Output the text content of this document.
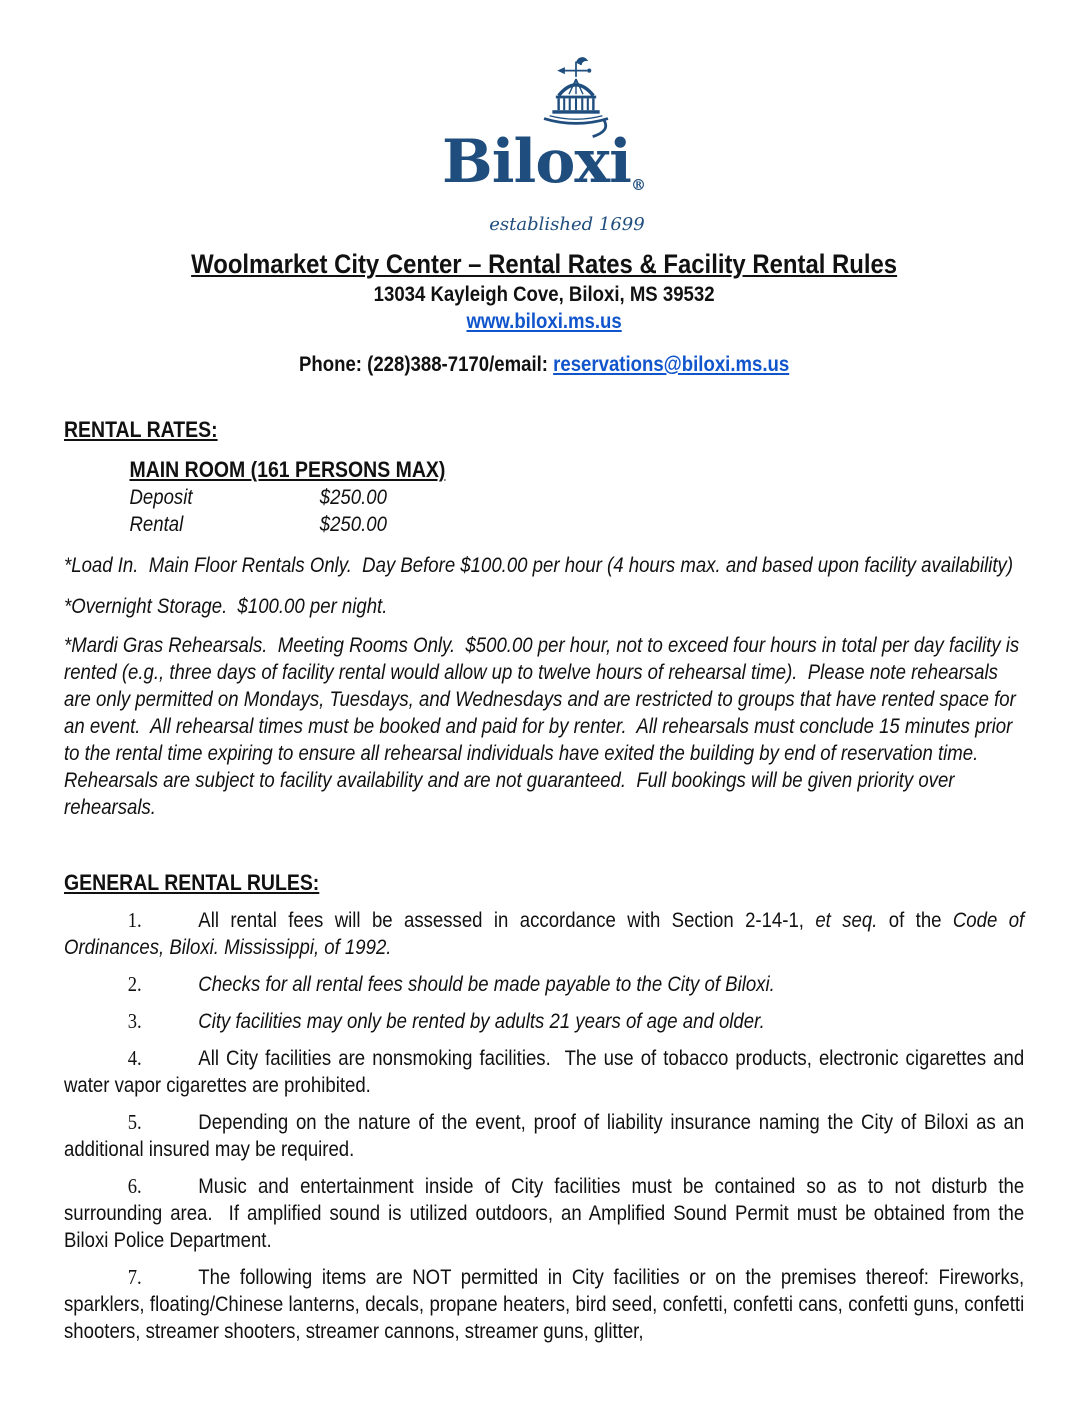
Biloxi®
established 1699
Woolmarket City Center – Rental Rates & Facility Rental Rules
13034 Kayleigh Cove, Biloxi, MS 39532
www.biloxi.ms.us
Phone: (228)388-7170/email: reservations@biloxi.ms.us
RENTAL RATES:
MAIN ROOM (161 PERSONS MAX)
Deposit	$250.00
Rental	$250.00

*Load In.  Main Floor Rentals Only.  Day Before $100.00 per hour (4 hours max. and based upon facility availability)

*Overnight Storage.  $100.00 per night.

*Mardi Gras Rehearsals.  Meeting Rooms Only.  $500.00 per hour, not to exceed four hours in total per day facility is rented (e.g., three days of facility rental would allow up to twelve hours of rehearsal time).  Please note rehearsals are only permitted on Mondays, Tuesdays, and Wednesdays and are restricted to groups that have rented space for an event.  All rehearsal times must be booked and paid for by renter.  All rehearsals must conclude 15 minutes prior to the rental time expiring to ensure all rehearsal individuals have exited the building by end of reservation time.  Rehearsals are subject to facility availability and are not guaranteed.  Full bookings will be given priority over rehearsals.

GENERAL RENTAL RULES:

1.	All rental fees will be assessed in accordance with Section 2-14-1, et seq. of the Code of Ordinances, Biloxi. Mississippi, of 1992.

2.	Checks for all rental fees should be made payable to the City of Biloxi.

3.	City facilities may only be rented by adults 21 years of age and older.

4.	All City facilities are nonsmoking facilities.  The use of tobacco products, electronic cigarettes and water vapor cigarettes are prohibited.

5.	Depending on the nature of the event, proof of liability insurance naming the City of Biloxi as an additional insured may be required.

6.	Music and entertainment inside of City facilities must be contained so as to not disturb the surrounding area.  If amplified sound is utilized outdoors, an Amplified Sound Permit must be obtained from the Biloxi Police Department.

7.	The following items are NOT permitted in City facilities or on the premises thereof: Fireworks, sparklers, floating/Chinese lanterns, decals, propane heaters, bird seed, confetti, confetti cans, confetti guns, confetti shooters, streamer shooters, streamer cannons, streamer guns, glitter,
